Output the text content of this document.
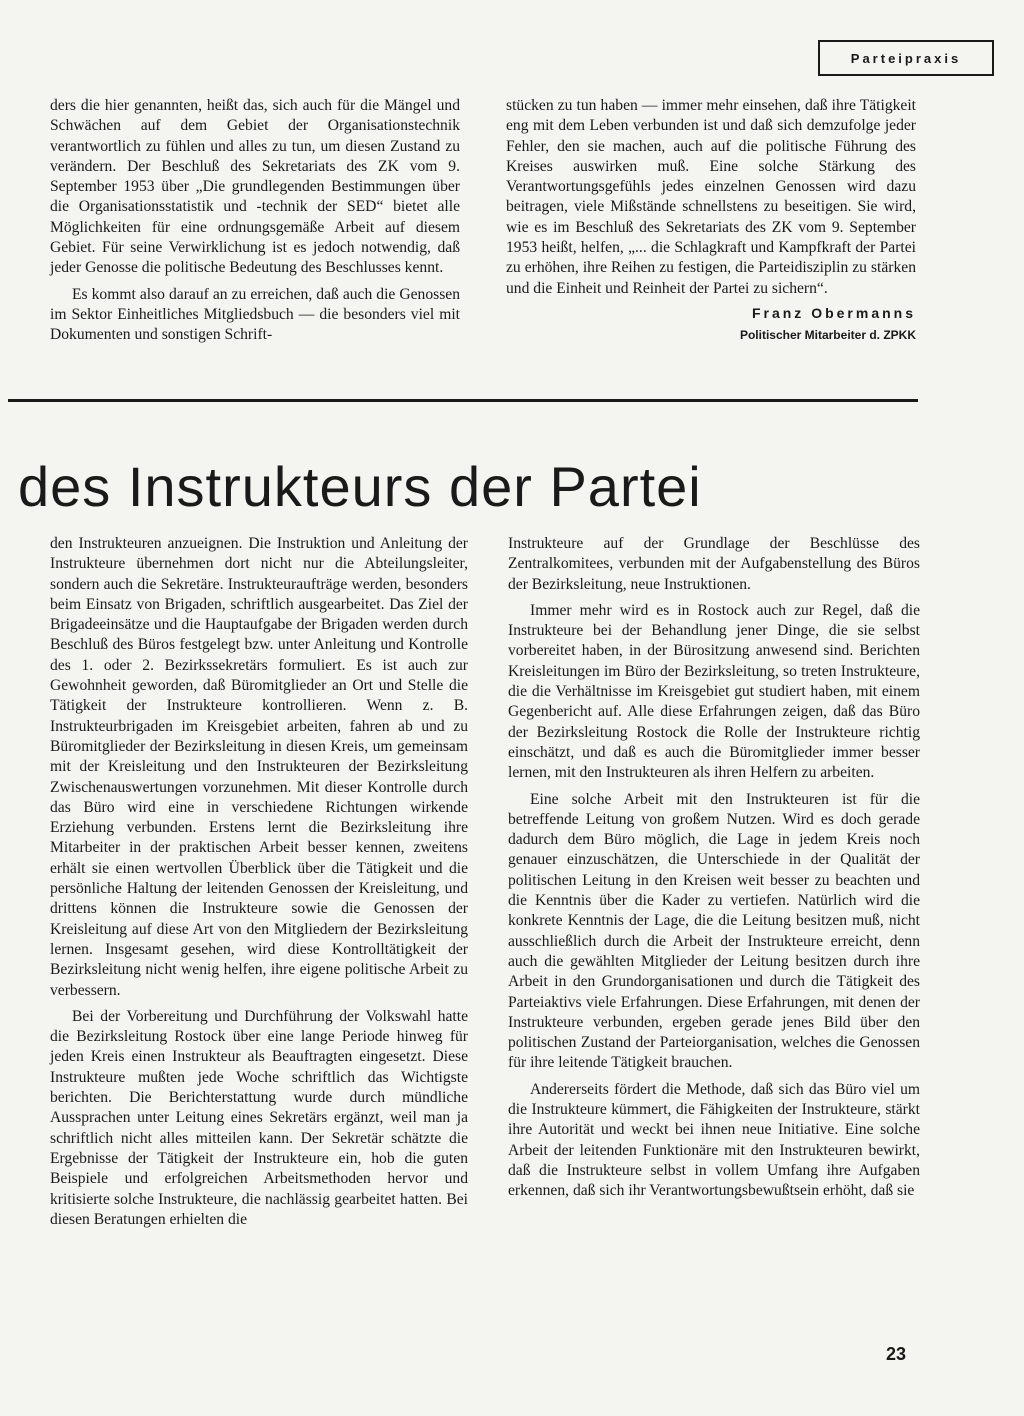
Parteipraxis

ders die hier genannten, heißt das, sich auch für die Mängel und Schwächen auf dem Gebiet der Organisationstechnik verantwortlich zu fühlen und alles zu tun, um diesen Zustand zu verändern. Der Beschluß des Sekretariats des ZK vom 9. September 1953 über „Die grundlegenden Bestimmungen über die Organisationsstatistik und -technik der SED“ bietet alle Möglichkeiten für eine ordnungsgemäße Arbeit auf diesem Gebiet. Für seine Verwirklichung ist es jedoch notwendig, daß jeder Genosse die politische Bedeutung des Beschlusses kennt.

Es kommt also darauf an zu erreichen, daß auch die Genossen im Sektor Einheitliches Mitgliedsbuch — die besonders viel mit Dokumenten und sonstigen Schrift-

stücken zu tun haben — immer mehr einsehen, daß ihre Tätigkeit eng mit dem Leben verbunden ist und daß sich demzufolge jeder Fehler, den sie machen, auch auf die politische Führung des Kreises auswirken muß. Eine solche Stärkung des Verantwortungsgefühls jedes einzelnen Genossen wird dazu beitragen, viele Mißstände schnellstens zu beseitigen. Sie wird, wie es im Beschluß des Sekretariats des ZK vom 9. September 1953 heißt, helfen, „... die Schlagkraft und Kampfkraft der Partei zu erhöhen, ihre Reihen zu festigen, die Parteidisziplin zu stärken und die Einheit und Reinheit der Partei zu sichern“.

Franz Obermanns
Politischer Mitarbeiter d. ZPKK
des Instrukteurs der Partei

den Instrukteuren anzueignen. Die Instruktion und Anleitung der Instrukteure übernehmen dort nicht nur die Abteilungsleiter, sondern auch die Sekretäre. Instrukteuraufträge werden, besonders beim Einsatz von Brigaden, schriftlich ausgearbeitet. Das Ziel der Brigadeeinsätze und die Hauptaufgabe der Brigaden werden durch Beschluß des Büros festgelegt bzw. unter Anleitung und Kontrolle des 1. oder 2. Bezirkssekretärs formuliert. Es ist auch zur Gewohnheit geworden, daß Büromitglieder an Ort und Stelle die Tätigkeit der Instrukteure kontrollieren. Wenn z. B. Instrukteurbrigaden im Kreisgebiet arbeiten, fahren ab und zu Büromitglieder der Bezirksleitung in diesen Kreis, um gemeinsam mit der Kreisleitung und den Instrukteuren der Bezirksleitung Zwischenauswertungen vorzunehmen. Mit dieser Kontrolle durch das Büro wird eine in verschiedene Richtungen wirkende Erziehung verbunden. Erstens lernt die Bezirksleitung ihre Mitarbeiter in der praktischen Arbeit besser kennen, zweitens erhält sie einen wertvollen Überblick über die Tätigkeit und die persönliche Haltung der leitenden Genossen der Kreisleitung, und drittens können die Instrukteure sowie die Genossen der Kreisleitung auf diese Art von den Mitgliedern der Bezirksleitung lernen. Insgesamt gesehen, wird diese Kontrolltätigkeit der Bezirksleitung nicht wenig helfen, ihre eigene politische Arbeit zu verbessern.

Bei der Vorbereitung und Durchführung der Volkswahl hatte die Bezirksleitung Rostock über eine lange Periode hinweg für jeden Kreis einen Instrukteur als Beauftragten eingesetzt. Diese Instrukteure mußten jede Woche schriftlich das Wichtigste berichten. Die Berichterstattung wurde durch mündliche Aussprachen unter Leitung eines Sekretärs ergänzt, weil man ja schriftlich nicht alles mitteilen kann. Der Sekretär schätzte die Ergebnisse der Tätigkeit der Instrukteure ein, hob die guten Beispiele und erfolgreichen Arbeitsmethoden hervor und kritisierte solche Instrukteure, die nachlässig gearbeitet hatten. Bei diesen Beratungen erhielten die

Instrukteure auf der Grundlage der Beschlüsse des Zentralkomitees, verbunden mit der Aufgabenstellung des Büros der Bezirksleitung, neue Instruktionen.

Immer mehr wird es in Rostock auch zur Regel, daß die Instrukteure bei der Behandlung jener Dinge, die sie selbst vorbereitet haben, in der Bürositzung anwesend sind. Berichten Kreisleitungen im Büro der Bezirksleitung, so treten Instrukteure, die die Verhältnisse im Kreisgebiet gut studiert haben, mit einem Gegenbericht auf. Alle diese Erfahrungen zeigen, daß das Büro der Bezirksleitung Rostock die Rolle der Instrukteure richtig einschätzt, und daß es auch die Büromitglieder immer besser lernen, mit den Instrukteuren als ihren Helfern zu arbeiten.

Eine solche Arbeit mit den Instrukteuren ist für die betreffende Leitung von großem Nutzen. Wird es doch gerade dadurch dem Büro möglich, die Lage in jedem Kreis noch genauer einzuschätzen, die Unterschiede in der Qualität der politischen Leitung in den Kreisen weit besser zu beachten und die Kenntnis über die Kader zu vertiefen. Natürlich wird die konkrete Kenntnis der Lage, die die Leitung besitzen muß, nicht ausschließlich durch die Arbeit der Instrukteure erreicht, denn auch die gewählten Mitglieder der Leitung besitzen durch ihre Arbeit in den Grundorganisationen und durch die Tätigkeit des Parteiaktivs viele Erfahrungen. Diese Erfahrungen, mit denen der Instrukteure verbunden, ergeben gerade jenes Bild über den politischen Zustand der Parteiorganisation, welches die Genossen für ihre leitende Tätigkeit brauchen.

Andererseits fördert die Methode, daß sich das Büro viel um die Instrukteure kümmert, die Fähigkeiten der Instrukteure, stärkt ihre Autorität und weckt bei ihnen neue Initiative. Eine solche Arbeit der leitenden Funktionäre mit den Instrukteuren bewirkt, daß die Instrukteure selbst in vollem Umfang ihre Aufgaben erkennen, daß sich ihr Verantwortungsbewußtsein erhöht, daß sie

23
